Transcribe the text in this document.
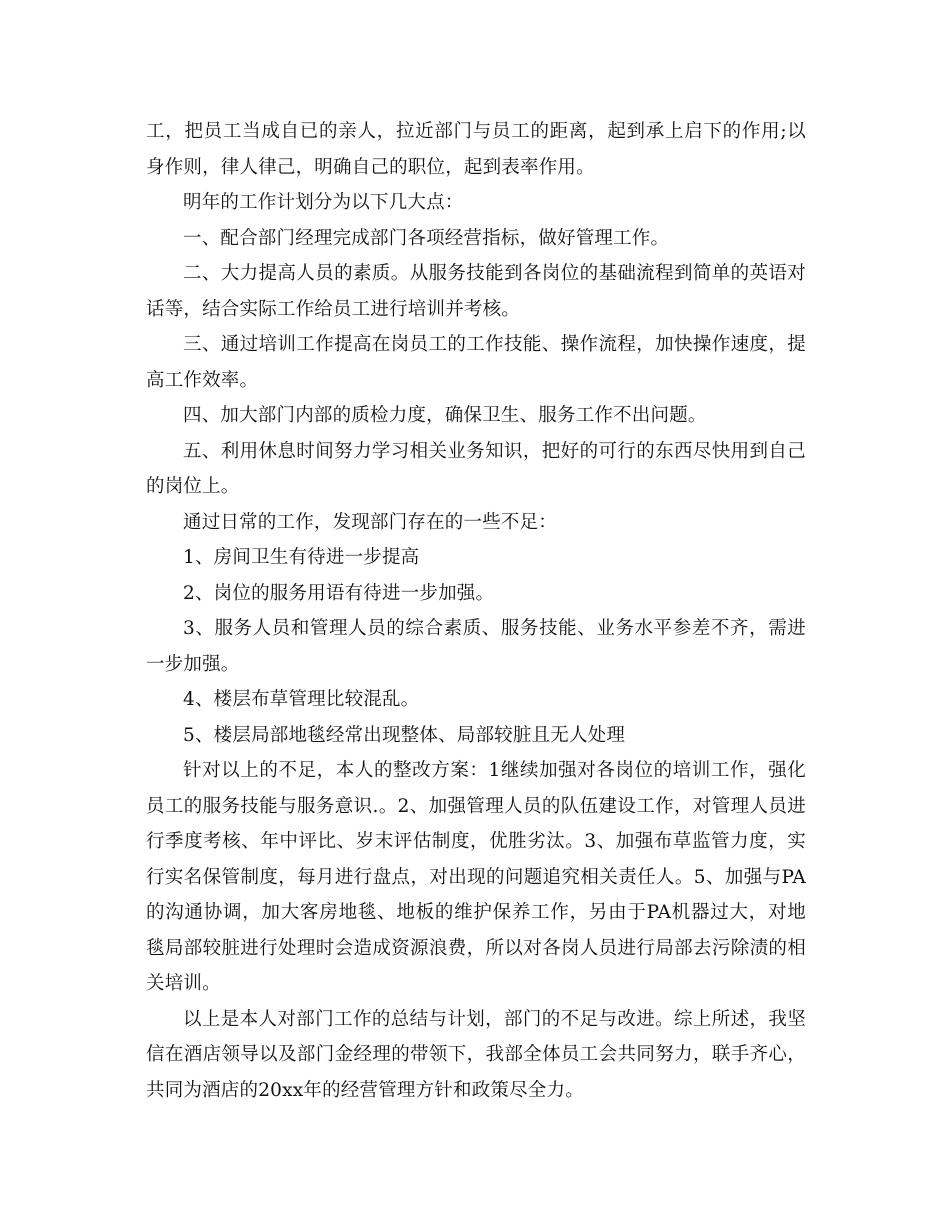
工，把员工当成自已的亲人，拉近部门与员工的距离，起到承上启下的作用;以身作则，律人律己，明确自己的职位，起到表率作用。

明年的工作计划分为以下几大点：

一、配合部门经理完成部门各项经营指标，做好管理工作。

二、大力提高人员的素质。从服务技能到各岗位的基础流程到简单的英语对话等，结合实际工作给员工进行培训并考核。

三、通过培训工作提高在岗员工的工作技能、操作流程，加快操作速度，提高工作效率。

四、加大部门内部的质检力度，确保卫生、服务工作不出问题。

五、利用休息时间努力学习相关业务知识，把好的可行的东西尽快用到自己的岗位上。

通过日常的工作，发现部门存在的一些不足：

1、房间卫生有待进一步提高

2、岗位的服务用语有待进一步加强。

3、服务人员和管理人员的综合素质、服务技能、业务水平参差不齐，需进一步加强。

4、楼层布草管理比较混乱。

5、楼层局部地毯经常出现整体、局部较脏且无人处理

针对以上的不足，本人的整改方案：1继续加强对各岗位的培训工作，强化员工的服务技能与服务意识.。2、加强管理人员的队伍建设工作，对管理人员进行季度考核、年中评比、岁末评估制度，优胜劣汰。3、加强布草监管力度，实行实名保管制度，每月进行盘点，对出现的问题追究相关责任人。5、加强与PA的沟通协调，加大客房地毯、地板的维护保养工作，另由于PA机器过大，对地毯局部较脏进行处理时会造成资源浪费，所以对各岗人员进行局部去污除渍的相关培训。

以上是本人对部门工作的总结与计划，部门的不足与改进。综上所述，我坚信在酒店领导以及部门金经理的带领下，我部全体员工会共同努力，联手齐心，共同为酒店的20xx年的经营管理方针和政策尽全力。
